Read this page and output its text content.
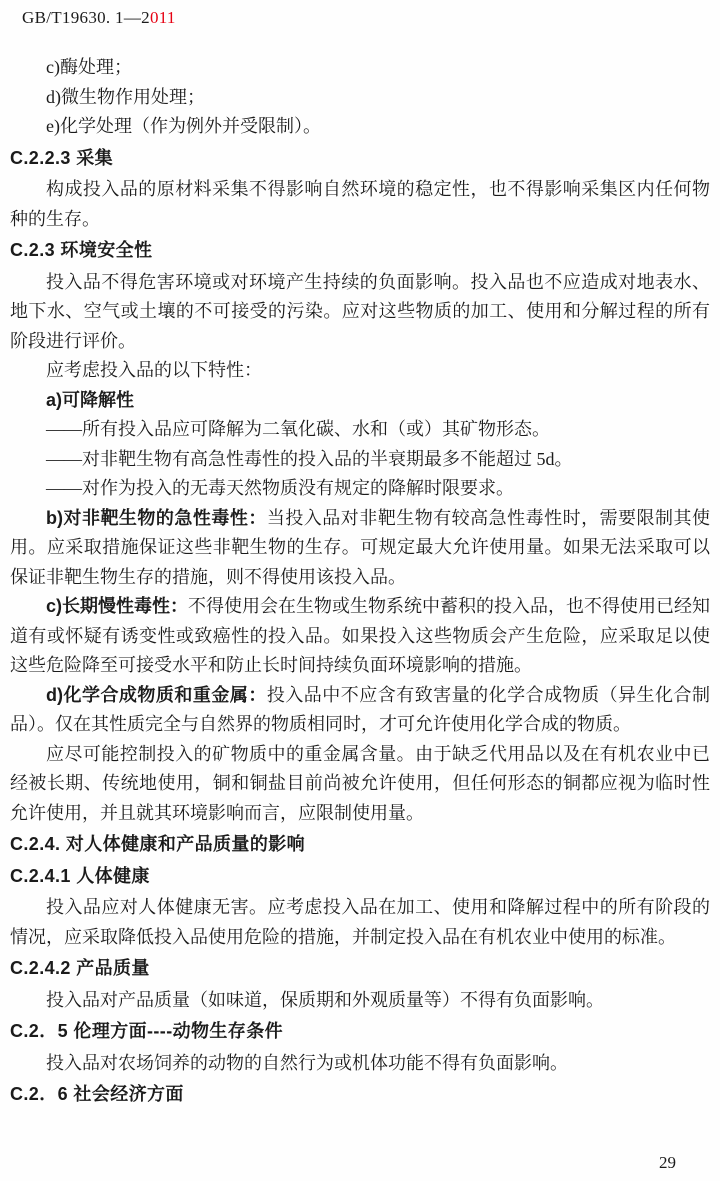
GB/T19630. 1—2011

c)酶处理；

d)微生物作用处理；

e)化学处理（作为例外并受限制）。

C.2.2.3 采集

构成投入品的原材料采集不得影响自然环境的稳定性，也不得影响采集区内任何物种的生存。

C.2.3 环境安全性

投入品不得危害环境或对环境产生持续的负面影响。投入品也不应造成对地表水、地下水、空气或土壤的不可接受的污染。应对这些物质的加工、使用和分解过程的所有阶段进行评价。

应考虑投入品的以下特性：

a)可降解性

——所有投入品应可降解为二氧化碳、水和（或）其矿物形态。

——对非靶生物有高急性毒性的投入品的半衰期最多不能超过 5d。

——对作为投入的无毒天然物质没有规定的降解时限要求。

b)对非靶生物的急性毒性：当投入品对非靶生物有较高急性毒性时，需要限制其使用。应采取措施保证这些非靶生物的生存。可规定最大允许使用量。如果无法采取可以保证非靶生物生存的措施，则不得使用该投入品。

c)长期慢性毒性：不得使用会在生物或生物系统中蓄积的投入品，也不得使用已经知道有或怀疑有诱变性或致癌性的投入品。如果投入这些物质会产生危险，应采取足以使这些危险降至可接受水平和防止长时间持续负面环境影响的措施。

d)化学合成物质和重金属：投入品中不应含有致害量的化学合成物质（异生化合制品）。仅在其性质完全与自然界的物质相同时，才可允许使用化学合成的物质。

应尽可能控制投入的矿物质中的重金属含量。由于缺乏代用品以及在有机农业中已经被长期、传统地使用，铜和铜盐目前尚被允许使用，但任何形态的铜都应视为临时性允许使用，并且就其环境影响而言，应限制使用量。

C.2.4. 对人体健康和产品质量的影响

C.2.4.1 人体健康

投入品应对人体健康无害。应考虑投入品在加工、使用和降解过程中的所有阶段的情况，应采取降低投入品使用危险的措施，并制定投入品在有机农业中使用的标准。

C.2.4.2 产品质量

投入品对产品质量（如味道，保质期和外观质量等）不得有负面影响。

C.2．5 伦理方面----动物生存条件

投入品对农场饲养的动物的自然行为或机体功能不得有负面影响。

C.2．6 社会经济方面

29
